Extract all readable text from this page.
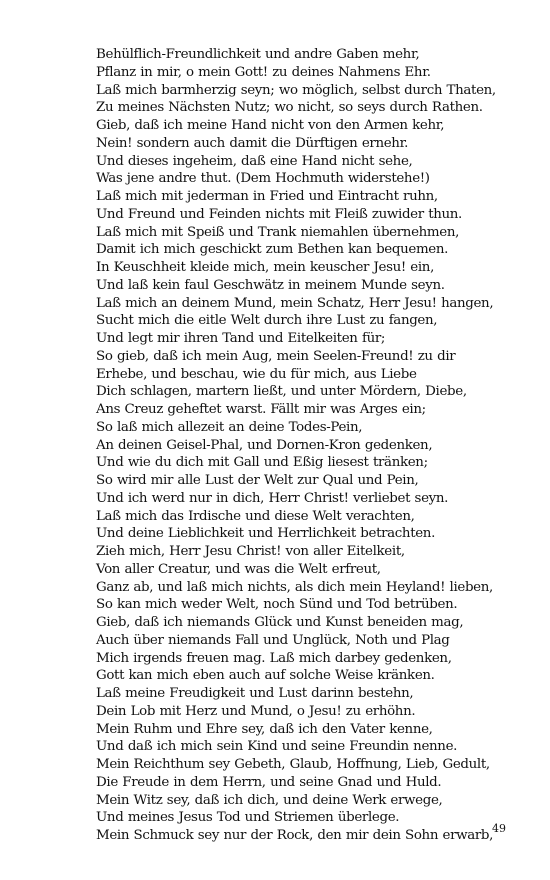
Behülflich-Freundlichkeit und andre Gaben mehr,
Pflanz in mir, o mein Gott! zu deines Nahmens Ehr.
Laß mich barmherzig seyn; wo möglich, selbst durch Thaten,
Zu meines Nächsten Nutz; wo nicht, so seys durch Rathen.
Gieb, daß ich meine Hand nicht von den Armen kehr,
Nein! sondern auch damit die Dürftigen ernehr.
Und dieses ingeheim, daß eine Hand nicht sehe,
Was jene andre thut. (Dem Hochmuth widerstehe!)
Laß mich mit jederman in Fried und Eintracht ruhn,
Und Freund und Feinden nichts mit Fleiß zuwider thun.
Laß mich mit Speiß und Trank niemahlen übernehmen,
Damit ich mich geschickt zum Bethen kan bequemen.
In Keuschheit kleide mich, mein keuscher Jesu! ein,
Und laß kein faul Geschwätz in meinem Munde seyn.
Laß mich an deinem Mund, mein Schatz, Herr Jesu! hangen,
Sucht mich die eitle Welt durch ihre Lust zu fangen,
Und legt mir ihren Tand und Eitelkeiten für;
So gieb, daß ich mein Aug, mein Seelen-Freund! zu dir
Erhebe, und beschau, wie du für mich, aus Liebe
Dich schlagen, martern ließt, und unter Mördern, Diebe,
Ans Creuz geheftet warst. Fällt mir was Arges ein;
So laß mich allezeit an deine Todes-Pein,
An deinen Geisel-Phal, und Dornen-Kron gedenken,
Und wie du dich mit Gall und Eßig liesest tränken;
So wird mir alle Lust der Welt zur Qual und Pein,
Und ich werd nur in dich, Herr Christ! verliebet seyn.
Laß mich das Irdische und diese Welt verachten,
Und deine Lieblichkeit und Herrlichkeit betrachten.
Zieh mich, Herr Jesu Christ! von aller Eitelkeit,
Von aller Creatur, und was die Welt erfreut,
Ganz ab, und laß mich nichts, als dich mein Heyland! lieben,
So kan mich weder Welt, noch Sünd und Tod betrüben.
Gieb, daß ich niemands Glück und Kunst beneiden mag,
Auch über niemands Fall und Unglück, Noth und Plag
Mich irgends freuen mag. Laß mich darbey gedenken,
Gott kan mich eben auch auf solche Weise kränken.
Laß meine Freudigkeit und Lust darinn bestehn,
Dein Lob mit Herz und Mund, o Jesu! zu erhöhn.
Mein Ruhm und Ehre sey, daß ich den Vater kenne,
Und daß ich mich sein Kind und seine Freundin nenne.
Mein Reichthum sey Gebeth, Glaub, Hoffnung, Lieb, Gedult,
Die Freude in dem Herrn, und seine Gnad und Huld.
Mein Witz sey, daß ich dich, und deine Werk erwege,
Und meines Jesus Tod und Striemen überlege.
Mein Schmuck sey nur der Rock, den mir dein Sohn erwarb,
49
